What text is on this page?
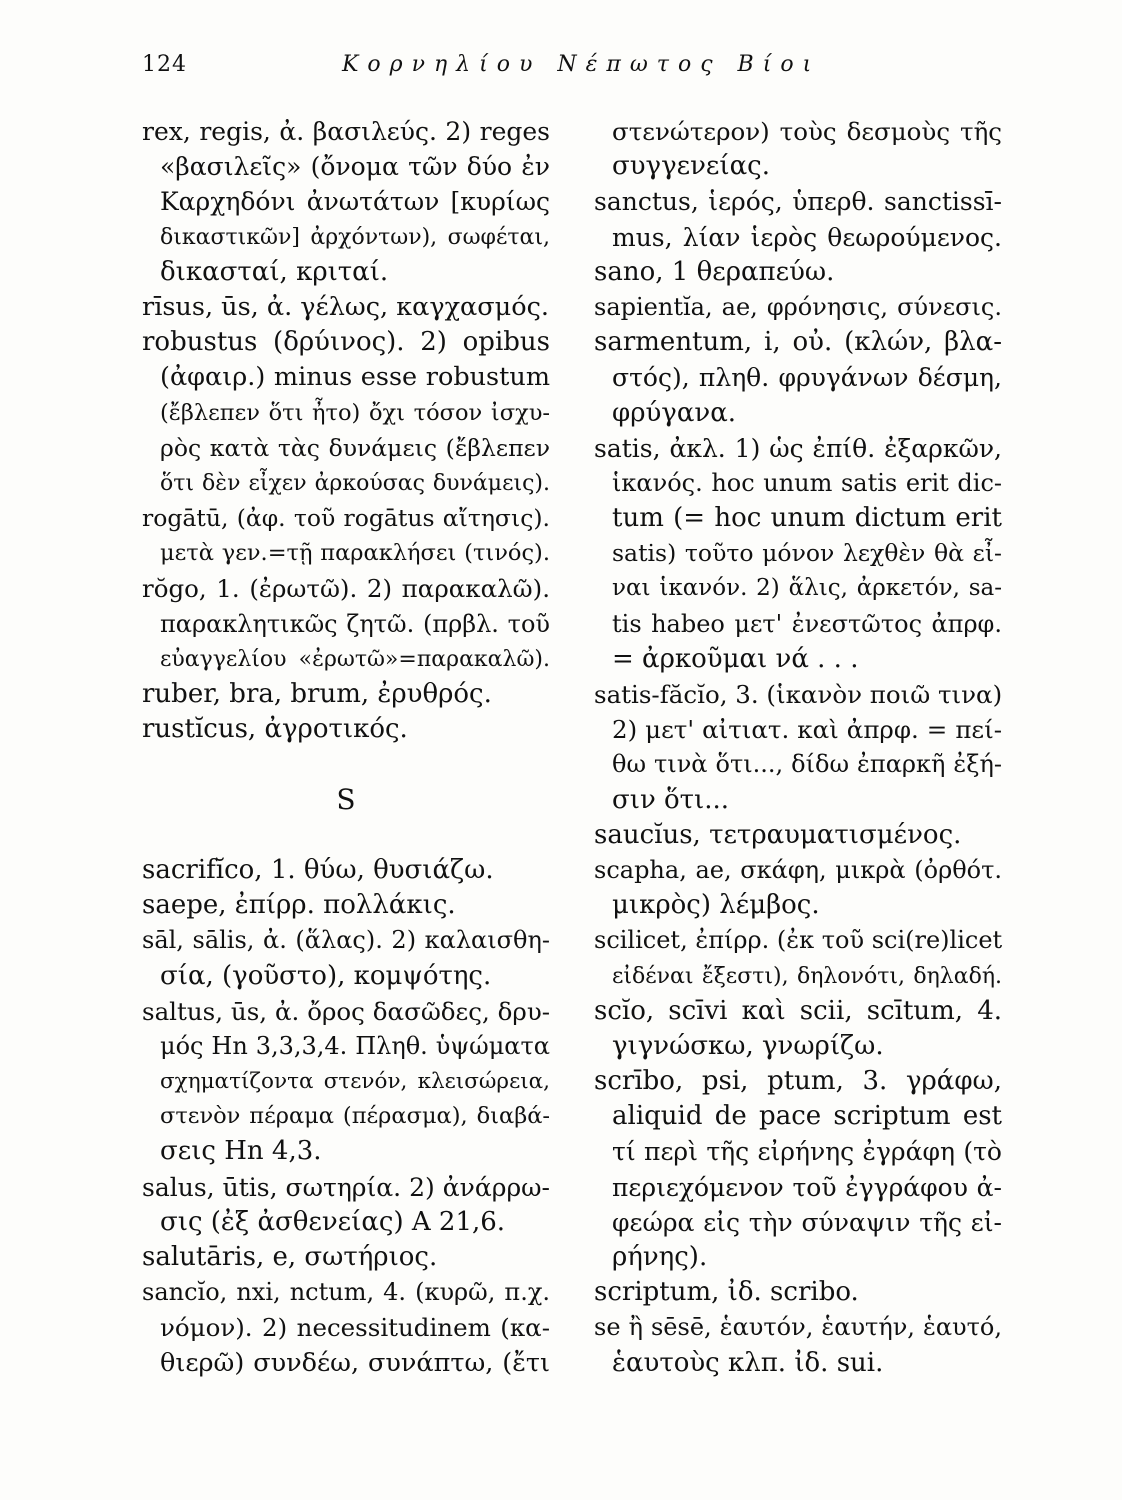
124	Κορνηλίου Νέπωτος Βίοι
rex, regis, ἀ. βασιλεύς. 2) reges
«βασιλεῖς» (ὄνομα τῶν δύο ἐν
Καρχηδόνι ἀνωτάτων [κυρίως
δικαστικῶν] ἀρχόντων), σωφέται,
δικασταί, κριταί.
rīsus, ūs, ἀ. γέλως, καγχασμός.
robustus (δρύινος). 2) opibus
(ἀφαιρ.) minus esse robustum
(ἔβλεπεν ὅτι ἦτο) ὄχι τόσον ἰσχυ-
ρὸς κατὰ τὰς δυνάμεις (ἔβλεπεν
ὅτι δὲν εἶχεν ἀρκούσας δυνάμεις).
rogātū, (ἀφ. τοῦ rogātus αἴτησις).
μετὰ γεν.=τῇ παρακλήσει (τινός).
rŏgo, 1. (ἐρωτῶ). 2) παρακαλῶ).
παρακλητικῶς ζητῶ. (πρβλ. τοῦ
εὐαγγελίου «ἐρωτῶ»=παρακαλῶ).
ruber, bra, brum, ἐρυθρός.
rustĭcus, ἀγροτικός.
S
sacrifĭco, 1. θύω, θυσιάζω.
saepe, ἐπίρρ. πολλάκις.
sāl, sālis, ἀ. (ἅλας). 2) καλαισθη-
σία, (γοῦστο), κομψότης.
saltus, ūs, ἀ. ὄρος δασῶδες, δρυ-
μός Hn 3,3,3,4. Πληθ. ὑψώματα
σχηματίζοντα στενόν, κλεισώρεια,
στενὸν πέραμα (πέρασμα), διαβά-
σεις Hn 4,3.
salus, ūtis, σωτηρία. 2) ἀνάρρω-
σις (ἐξ ἀσθενείας) A 21,6.
salutāris, e, σωτήριος.
sancĭo, nxi, nctum, 4. (κυρῶ, π.χ.
νόμον). 2) necessitudinem (κα-
θιερῶ) συνδέω, συνάπτω, (ἔτι
στενώτερον) τοὺς δεσμοὺς τῆς
συγγενείας.
sanctus, ἱερός, ὑπερθ. sanctissī-
mus, λίαν ἱερὸς θεωρούμενος.
sano, 1 θεραπεύω.
sapientĭa, ae, φρόνησις, σύνεσις.
sarmentum, i, οὐ. (κλών, βλα-
στός), πληθ. φρυγάνων δέσμη,
φρύγανα.
satis, ἀκλ. 1) ὡς ἐπίθ. ἐξαρκῶν,
ἱκανός. hoc unum satis erit dic-
tum (= hoc unum dictum erit
satis) τοῦτο μόνον λεχθὲν θὰ εἶ-
ναι ἱκανόν. 2) ἅλις, ἀρκετόν, sa-
tis habeo μετ' ἐνεστῶτος ἀπρφ.
= ἀρκοῦμαι νά . . .
satis-făcĭo, 3. (ἱκανὸν ποιῶ τινα)
2) μετ' αἰτιατ. καὶ ἀπρφ. = πεί-
θω τινὰ ὅτι..., δίδω ἐπαρκῆ ἐξή-
σιν ὅτι...
saucĭus, τετραυματισμένος.
scapha, ae, σκάφη, μικρὰ (ὀρθότ.
μικρὸς) λέμβος.
scilicet, ἐπίρρ. (ἐκ τοῦ sci(re)licet
εἰδέναι ἔξεστι), δηλονότι, δηλαδή.
scĭo, scīvi καὶ scii, scītum, 4.
γιγνώσκω, γνωρίζω.
scrībo, psi, ptum, 3. γράφω,
aliquid de pace scriptum est
τί περὶ τῆς εἰρήνης ἐγράφη (τὸ
περιεχόμενον τοῦ ἐγγράφου ἀ-
φεώρα εἰς τὴν σύναψιν τῆς εἰ-
ρήνης).
scriptum, ἰδ. scribo.
se ἢ sēsē, ἑαυτόν, ἑαυτήν, ἑαυτό,
ἑαυτοὺς κλπ. ἰδ. sui.
